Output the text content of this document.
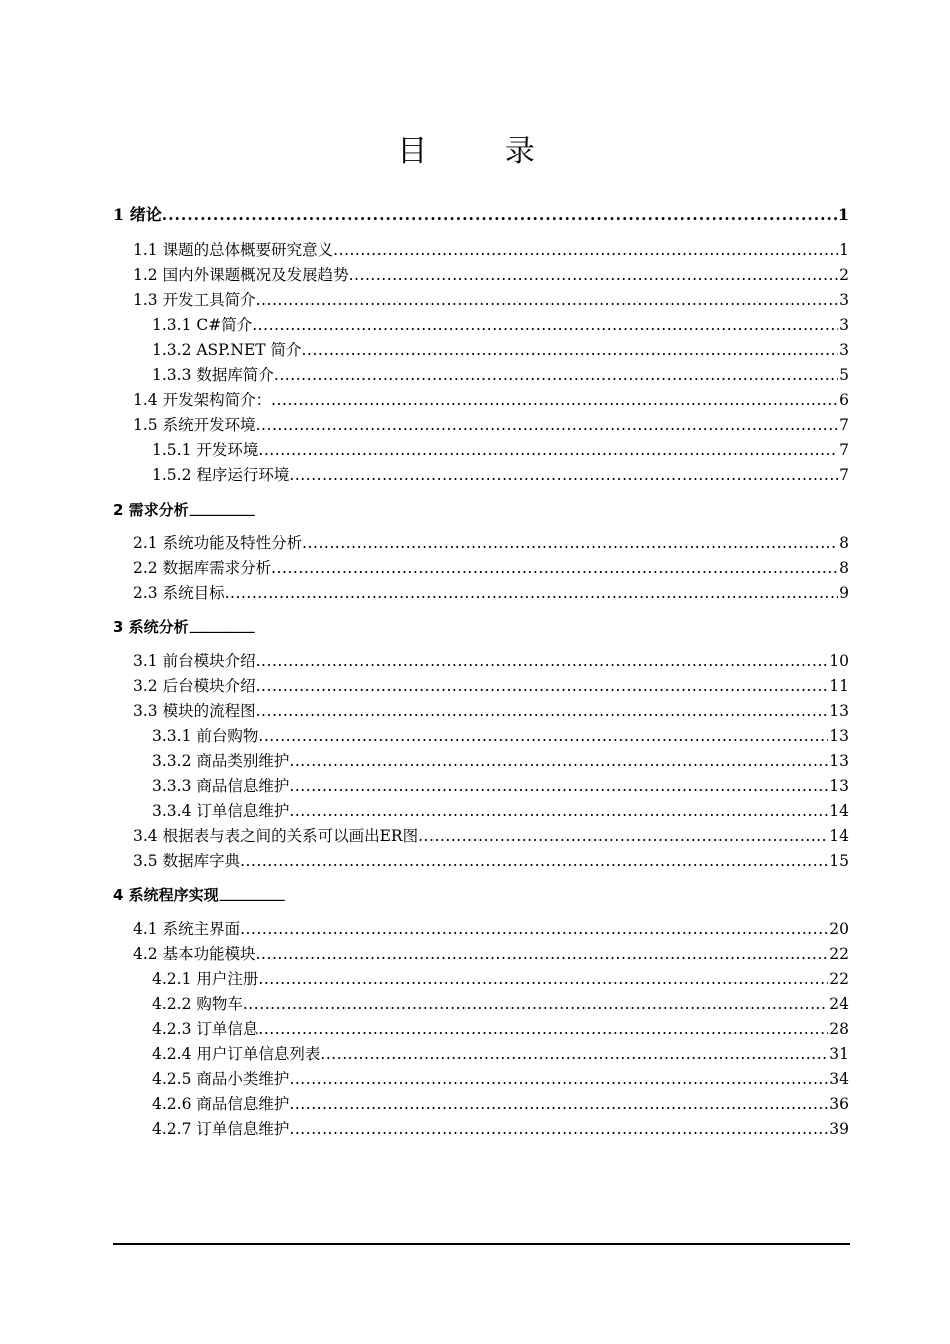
目 录
1 绪论 . . .	1
1.1 课题的总体概要研究意义 . . .	1
1.2 国内外课题概况及发展趋势 . . .	2
1.3 开发工具简介 . . .	3
1.3.1 C#简介 . . .	3
1.3.2 ASP.NET 简介 . . .	3
1.3.3 数据库简介 . . .	5
1.4 开发架构简介： . . .	6
1.5 系统开发环境 . . .	7
1.5.1 开发环境 . . .	7
1.5.2 程序运行环境 . . .	7
2 需求分析
. . .
2.1 系统功能及特性分析 . . .	8
2.2 数据库需求分析 . . .	8
2.3 系统目标 . . .	9
3 系统分析
. . .
3.1 前台模块介绍 . . .	10
3.2 后台模块介绍 . . .	11
3.3 模块的流程图 . . .	13
3.3.1 前台购物 . . .	13
3.3.2 商品类别维护 . . .	13
3.3.3 商品信息维护 . . .	13
3.3.4 订单信息维护 . . .	14
3.4 根据表与表之间的关系可以画出ER图 . . .	14
3.5 数据库字典 . . .	15
4 系统程序实现
. . .
4.1 系统主界面 . . .	20
4.2 基本功能模块 . . .	22
4.2.1 用户注册 . . .	22
4.2.2 购物车 . . .	24
4.2.3 订单信息 . . .	28
4.2.4 用户订单信息列表 . . .	31
4.2.5 商品小类维护 . . .	34
4.2.6 商品信息维护 . . .	36
4.2.7 订单信息维护 . . .	39
